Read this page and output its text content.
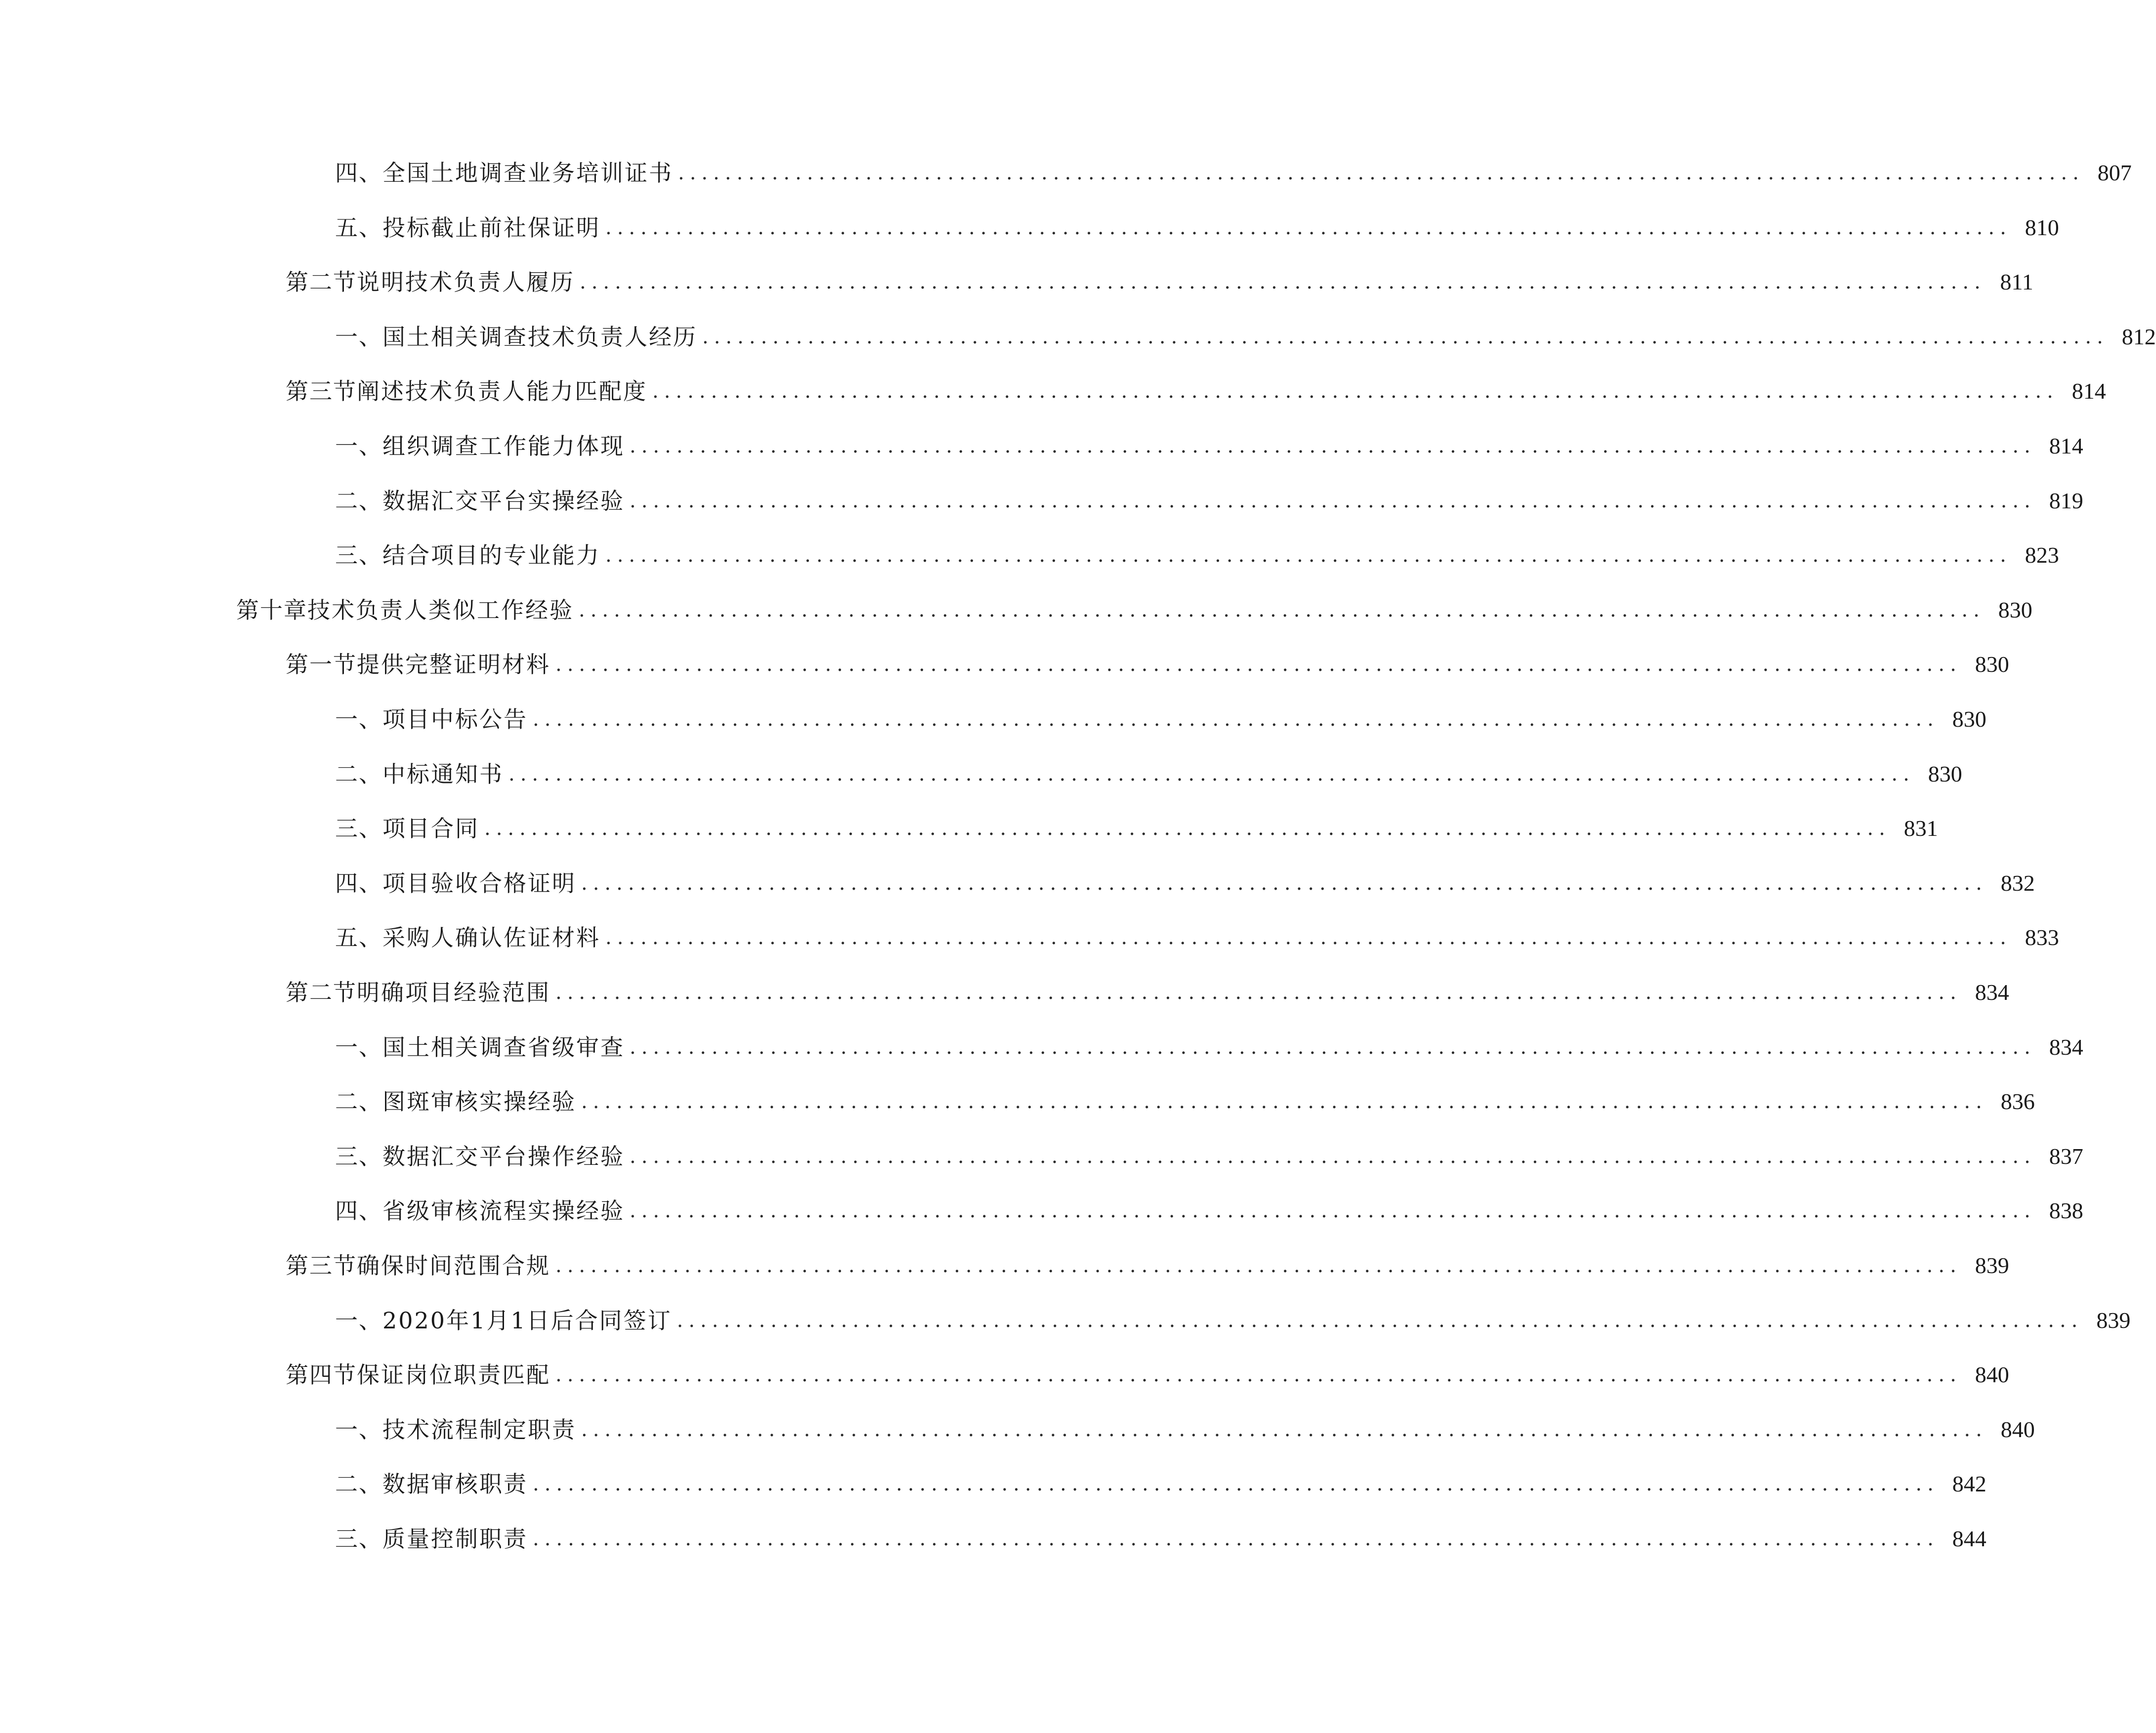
四、 全国土地调查业务培训证书 ........................................................................................................................ 807
五、 投标截止前社保证明 ........................................................................................................................ 810
第二节 说明技术负责人履历 ........................................................................................................................ 811
一、 国土相关调查技术负责人经历 ........................................................................................................................ 812
第三节 阐述技术负责人能力匹配度 ........................................................................................................................ 814
一、 组织调查工作能力体现 ........................................................................................................................ 814
二、 数据汇交平台实操经验 ........................................................................................................................ 819
三、 结合项目的专业能力 ........................................................................................................................ 823
第十章 技术负责人类似工作经验 ........................................................................................................................ 830
第一节 提供完整证明材料 ........................................................................................................................ 830
一、 项目中标公告 ........................................................................................................................ 830
二、 中标通知书 ........................................................................................................................ 830
三、 项目合同 ........................................................................................................................ 831
四、 项目验收合格证明 ........................................................................................................................ 832
五、 采购人确认佐证材料 ........................................................................................................................ 833
第二节 明确项目经验范围 ........................................................................................................................ 834
一、 国土相关调查省级审查 ........................................................................................................................ 834
二、 图斑审核实操经验 ........................................................................................................................ 836
三、 数据汇交平台操作经验 ........................................................................................................................ 837
四、 省级审核流程实操经验 ........................................................................................................................ 838
第三节 确保时间范围合规 ........................................................................................................................ 839
一、 2020年1月1日后合同签订 ........................................................................................................................ 839
第四节 保证岗位职责匹配 ........................................................................................................................ 840
一、 技术流程制定职责 ........................................................................................................................ 840
二、 数据审核职责 ........................................................................................................................ 842
三、 质量控制职责 ........................................................................................................................ 844
